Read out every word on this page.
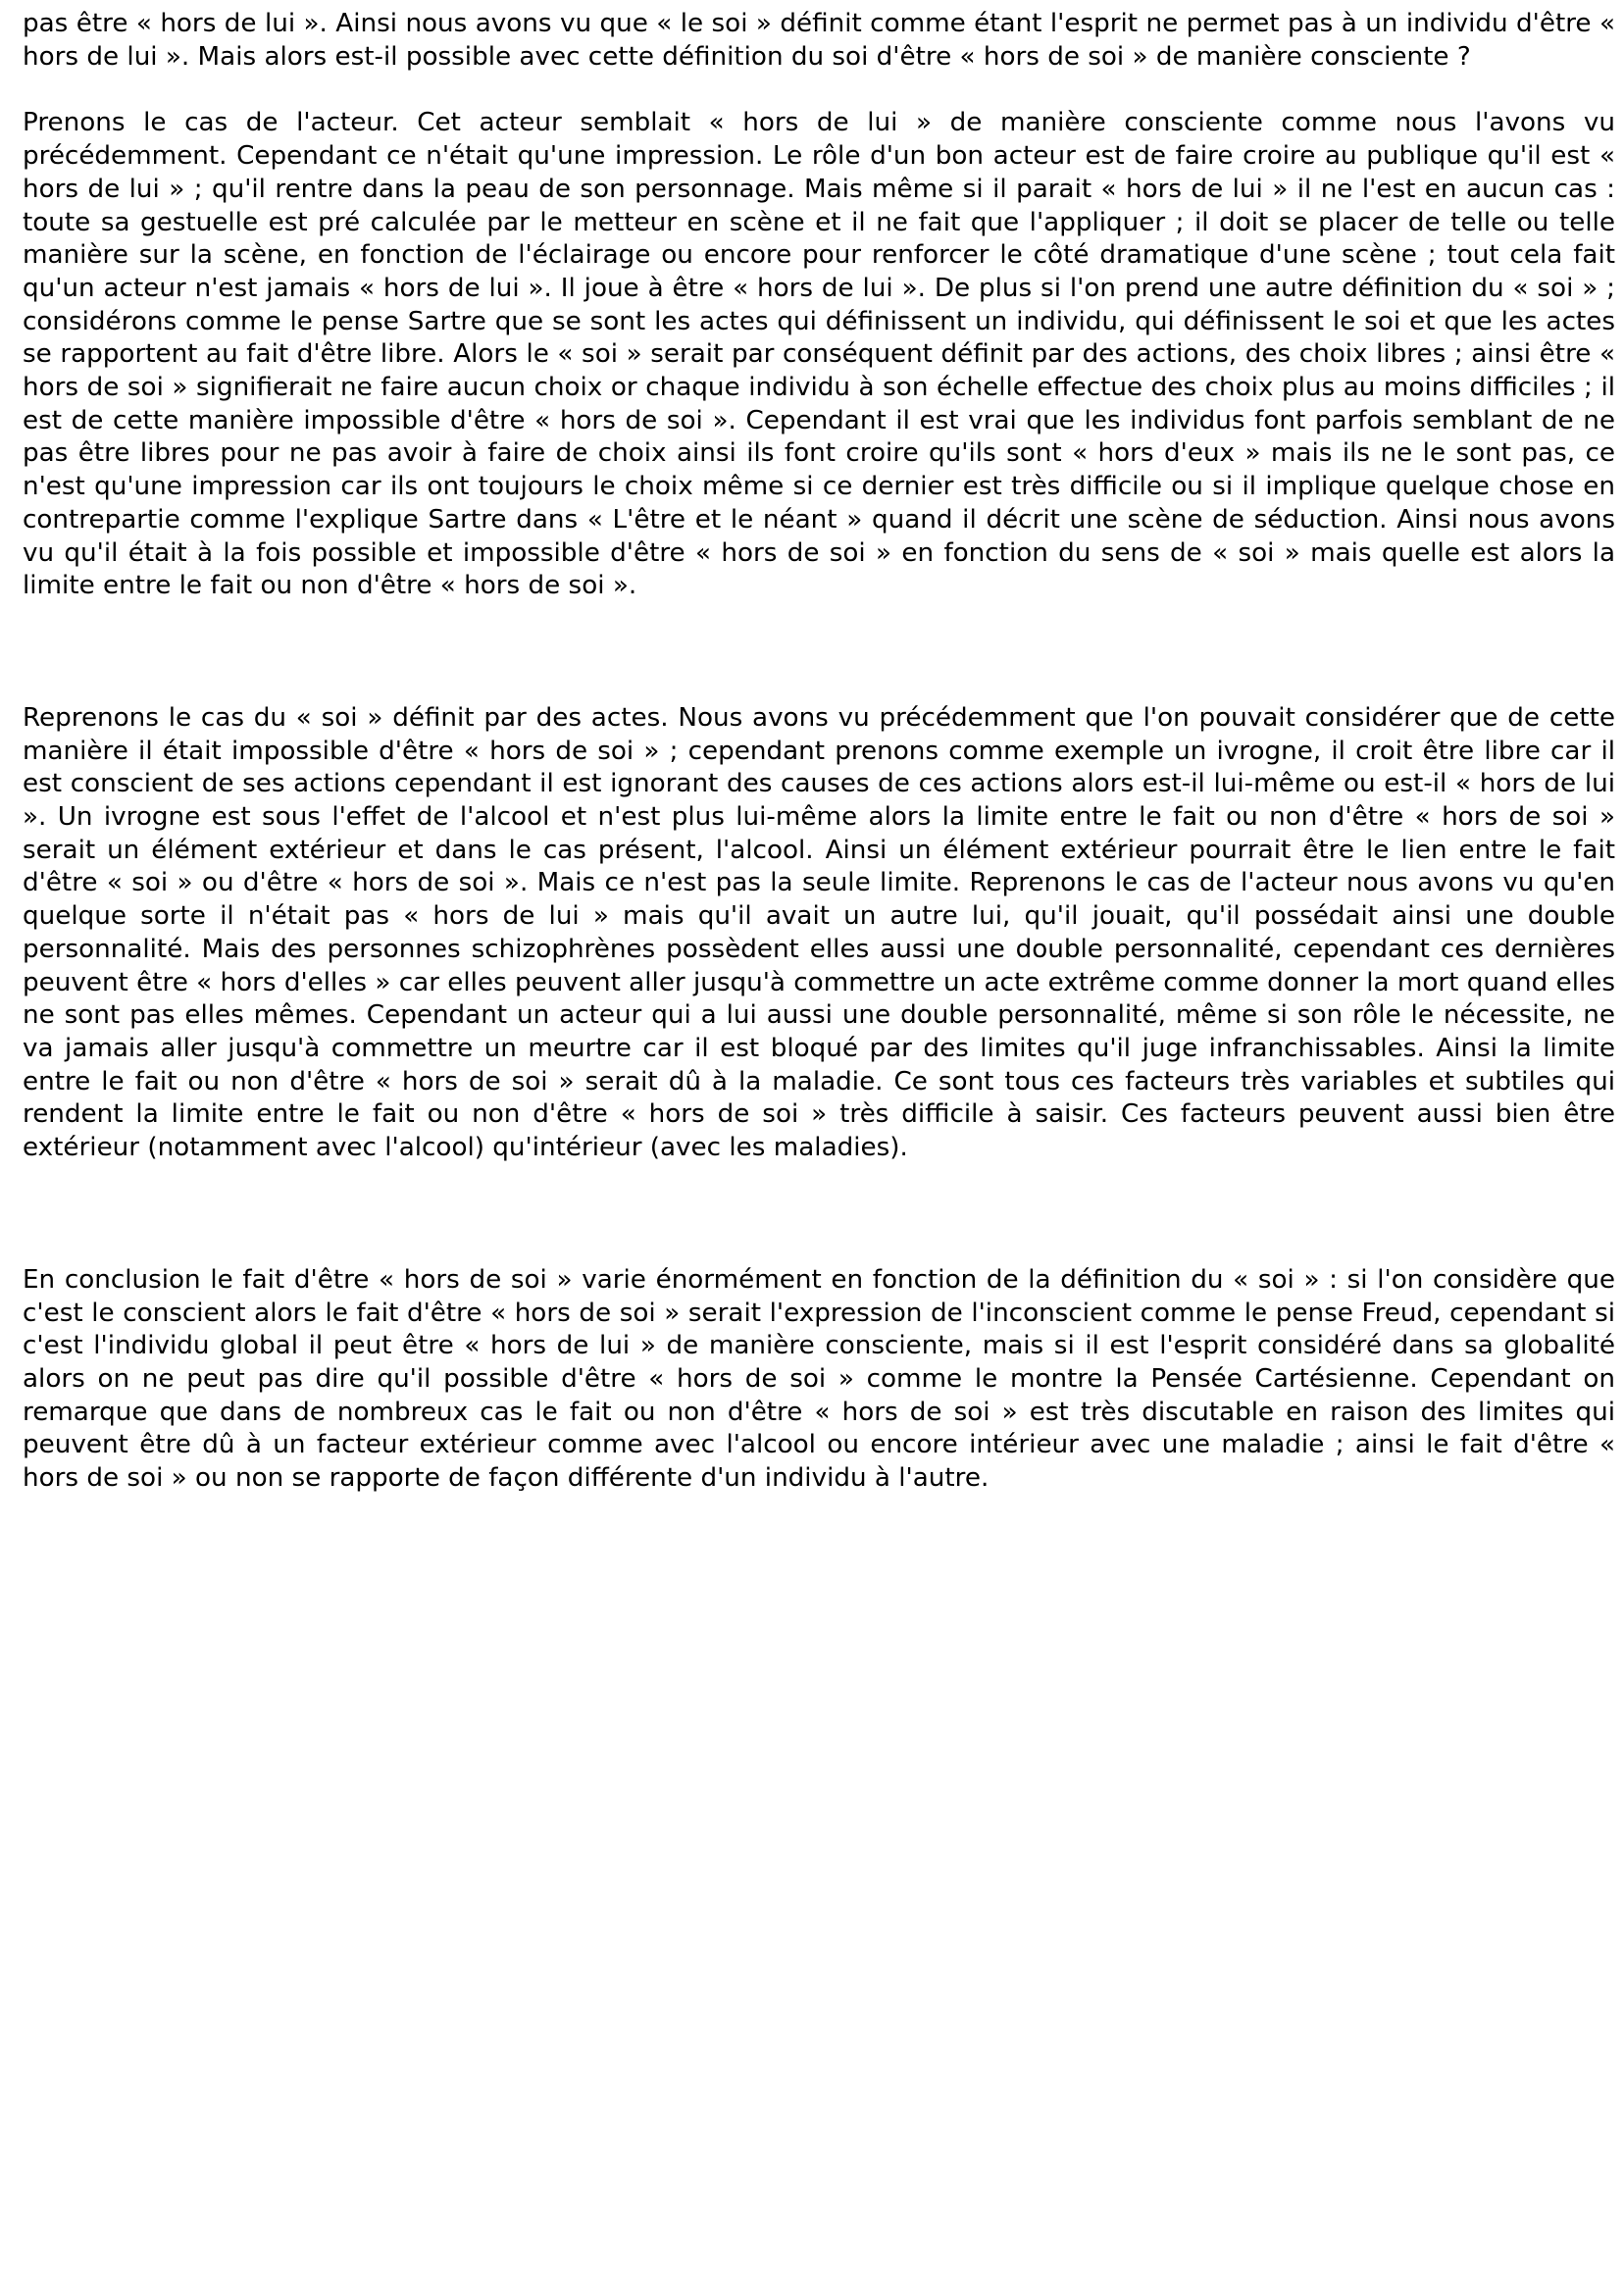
pas être « hors de lui ». Ainsi nous avons vu que « le soi » définit comme étant l'esprit ne permet pas à un individu d'être « hors de lui ». Mais alors est-il possible avec cette définition du soi d'être « hors de soi » de manière consciente ?

Prenons le cas de l'acteur. Cet acteur semblait « hors de lui » de manière consciente comme nous l'avons vu précédemment. Cependant ce n'était qu'une impression. Le rôle d'un bon acteur est de faire croire au publique qu'il est « hors de lui » ; qu'il rentre dans la peau de son personnage. Mais même si il parait « hors de lui » il ne l'est en aucun cas : toute sa gestuelle est pré calculée par le metteur en scène et il ne fait que l'appliquer ; il doit se placer de telle ou telle manière sur la scène, en fonction de l'éclairage ou encore pour renforcer le côté dramatique d'une scène ; tout cela fait qu'un acteur n'est jamais « hors de lui ». Il joue à être « hors de lui ». De plus si l'on prend une autre définition du « soi » ; considérons comme le pense Sartre que se sont les actes qui définissent un individu, qui définissent le soi et que les actes se rapportent au fait d'être libre. Alors le « soi » serait par conséquent définit par des actions, des choix libres ; ainsi être « hors de soi » signifierait ne faire aucun choix or chaque individu à son échelle effectue des choix plus au moins difficiles ; il est de cette manière impossible d'être « hors de soi ». Cependant il est vrai que les individus font parfois semblant de ne pas être libres pour ne pas avoir à faire de choix ainsi ils font croire qu'ils sont « hors d'eux » mais ils ne le sont pas, ce n'est qu'une impression car ils ont toujours le choix même si ce dernier est très difficile ou si il implique quelque chose en contrepartie comme l'explique Sartre dans « L'être et le néant » quand il décrit une scène de séduction. Ainsi nous avons vu qu'il était à la fois possible et impossible d'être « hors de soi » en fonction du sens de « soi » mais quelle est alors la limite entre le fait ou non d'être « hors de soi ».

Reprenons le cas du « soi » définit par des actes. Nous avons vu précédemment que l'on pouvait considérer que de cette manière il était impossible d'être « hors de soi » ; cependant prenons comme exemple un ivrogne, il croit être libre car il est conscient de ses actions cependant il est ignorant des causes de ces actions alors est-il lui-même ou est-il « hors de lui ». Un ivrogne est sous l'effet de l'alcool et n'est plus lui-même alors la limite entre le fait ou non d'être « hors de soi » serait un élément extérieur et dans le cas présent, l'alcool. Ainsi un élément extérieur pourrait être le lien entre le fait d'être « soi » ou d'être « hors de soi ». Mais ce n'est pas la seule limite. Reprenons le cas de l'acteur nous avons vu qu'en quelque sorte il n'était pas « hors de lui » mais qu'il avait un autre lui, qu'il jouait, qu'il possédait ainsi une double personnalité. Mais des personnes schizophrènes possèdent elles aussi une double personnalité, cependant ces dernières peuvent être « hors d'elles » car elles peuvent aller jusqu'à commettre un acte extrême comme donner la mort quand elles ne sont pas elles mêmes. Cependant un acteur qui a lui aussi une double personnalité, même si son rôle le nécessite, ne va jamais aller jusqu'à commettre un meurtre car il est bloqué par des limites qu'il juge infranchissables. Ainsi la limite entre le fait ou non d'être « hors de soi » serait dû à la maladie. Ce sont tous ces facteurs très variables et subtiles qui rendent la limite entre le fait ou non d'être « hors de soi » très difficile à saisir. Ces facteurs peuvent aussi bien être extérieur (notamment avec l'alcool) qu'intérieur (avec les maladies).

En conclusion le fait d'être « hors de soi » varie énormément en fonction de la définition du « soi » : si l'on considère que c'est le conscient alors le fait d'être « hors de soi » serait l'expression de l'inconscient comme le pense Freud, cependant si c'est l'individu global il peut être « hors de lui » de manière consciente, mais si il est l'esprit considéré dans sa globalité alors on ne peut pas dire qu'il possible d'être « hors de soi » comme le montre la Pensée Cartésienne. Cependant on remarque que dans de nombreux cas le fait ou non d'être « hors de soi » est très discutable en raison des limites qui peuvent être dû à un facteur extérieur comme avec l'alcool ou encore intérieur avec une maladie ; ainsi le fait d'être « hors de soi » ou non se rapporte de façon différente d'un individu à l'autre.
